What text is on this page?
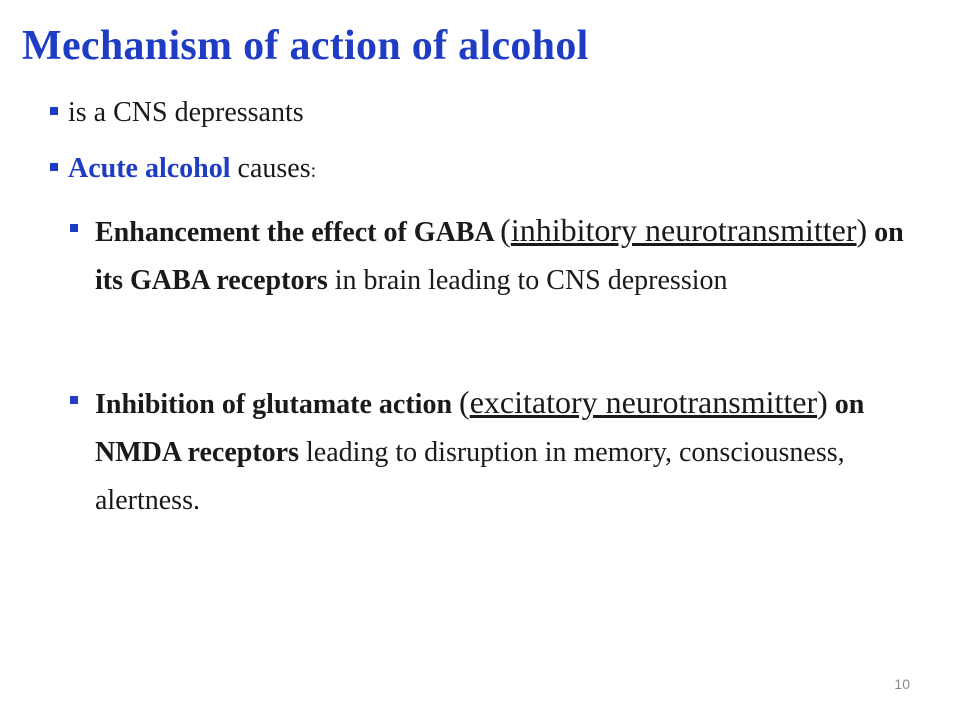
Mechanism of action of alcohol
is a CNS depressants
Acute alcohol causes:
Enhancement the effect of GABA (inhibitory neurotransmitter) on its GABA receptors in brain leading to CNS depression
Inhibition of glutamate action (excitatory neurotransmitter) on NMDA receptors leading to disruption in memory, consciousness, alertness.
10
